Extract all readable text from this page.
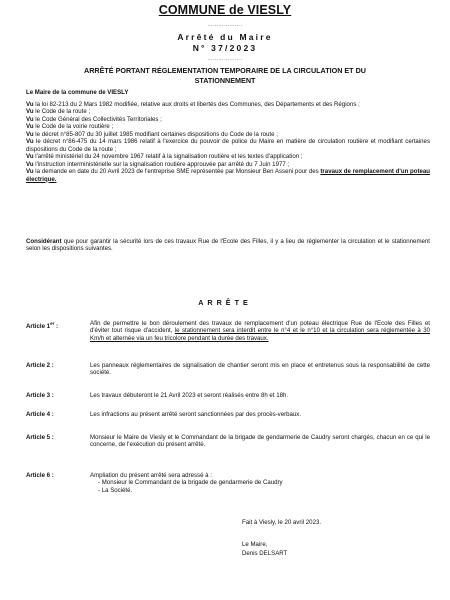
COMMUNE de VIESLY
……………….
Arrêté du Maire
N° 37/2023
……………….
ARRÊTÉ PORTANT RÉGLEMENTATION TEMPORAIRE DE LA CIRCULATION ET DU
STATIONNEMENT
Le Maire de la commune de VIESLY
Vu la loi 82-213 du 2 Mars 1982 modifiée, relative aux droits et libertés des Communes, des Départements et des Régions ;
Vu le Code de la route ;
Vu le Code Général des Collectivités Territoriales ;
Vu le Code de la voirie routière ;
Vu le décret n°85-807 du 30 juillet 1985 modifiant certaines dispositions du Code de la route ;
Vu le décret n°86-475 du 14 mars 1986 relatif à l'exercice du pouvoir de police du Maire en matière de circulation routière et modifiant certaines dispositions du Code de la route ;
Vu l'arrêté ministériel du 24 novembre 1967 relatif à la signalisation routière et les textes d'application ;
Vu l'instruction interministérielle sur la signalisation routière approuvée par arrêté du 7 Juin 1977 ;
Vu la demande en date du 20 Avril 2023 de l'entreprise SME représentée par Monsieur Ben Asseni pour des travaux de remplacement d'un poteau électrique.
Considérant que pour garantir la sécurité lors de ces travaux Rue de l'Ecole des Filles, il y a lieu de réglementer la circulation et le stationnement selon les dispositions suivantes.
ARRÊTE
Article 1er :	Afin de permettre le bon déroulement des travaux de remplacement d'un poteau électrique Rue de l'Ecole des Filles et d'éviter tout risque d'accident, le stationnement sera interdit entre le n°4 et le n°10 et la circulation sera réglementée à 30 Km/h et alternée via un feu tricolore pendant la durée des travaux.
Article 2 :	Les panneaux réglementaires de signalisation de chantier seront mis en place et entretenus sous la responsabilité de cette société.
Article 3 :	Les travaux débuteront le 21 Avril 2023 et seront réalisés entre 8h et 18h.
Article 4 :	Les infractions au présent arrêté seront sanctionnées par des procès-verbaux.
Article 5 :	Monsieur le Maire de Viesly et le Commandant de la brigade de gendarmerie de Caudry seront chargés, chacun en ce qui le concerne, de l'exécution du présent arrêté.
Article 6 :	Ampliation du présent arrêté sera adressé à :
- Monsieur le Commandant de la brigade de gendarmerie de Caudry
- La Société.
Fait à Viesly, le 20 avril 2023.
Le Maire,
Denis DELSART
